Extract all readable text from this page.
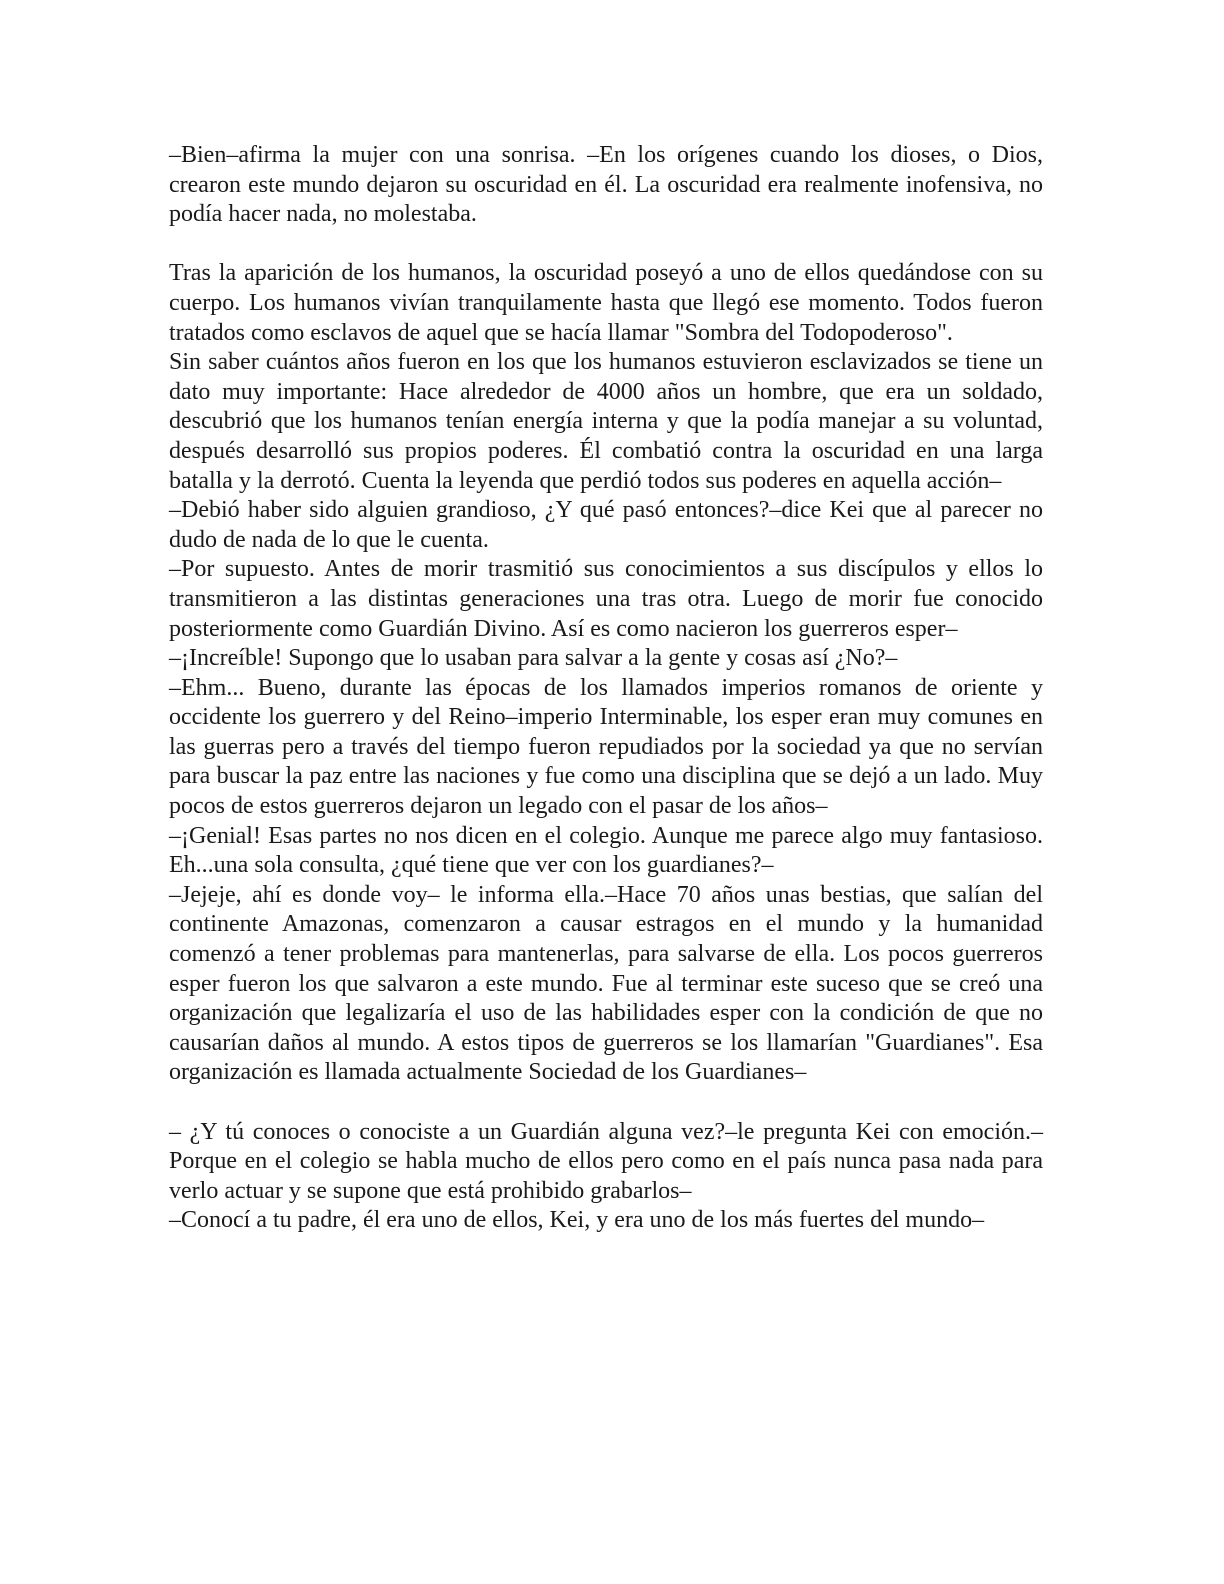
–Bien–afirma la mujer con una sonrisa. –En los orígenes cuando los dioses, o Dios, crearon este mundo dejaron su oscuridad en él. La oscuridad era realmente inofensiva, no podía hacer nada, no molestaba.

Tras la aparición de los humanos, la oscuridad poseyó a uno de ellos quedándose con su cuerpo. Los humanos vivían tranquilamente hasta que llegó ese momento. Todos fueron tratados como esclavos de aquel que se hacía llamar "Sombra del Todopoderoso".

Sin saber cuántos años fueron en los que los humanos estuvieron esclavizados se tiene un dato muy importante: Hace alrededor de 4000 años un hombre, que era un soldado, descubrió que los humanos tenían energía interna y que la podía manejar a su voluntad, después desarrolló sus propios poderes. Él combatió contra la oscuridad en una larga batalla y la derrotó. Cuenta la leyenda que perdió todos sus poderes en aquella acción–

–Debió haber sido alguien grandioso, ¿Y qué pasó entonces?–dice Kei que al parecer no dudo de nada de lo que le cuenta.

–Por supuesto. Antes de morir trasmitió sus conocimientos a sus discípulos y ellos lo transmitieron a las distintas generaciones una tras otra. Luego de morir fue conocido posteriormente como Guardián Divino. Así es como nacieron los guerreros esper–

–¡Increíble! Supongo que lo usaban para salvar a la gente y cosas así ¿No?–

–Ehm... Bueno, durante las épocas de los llamados imperios romanos de oriente y occidente los guerrero y del Reino–imperio Interminable, los esper eran muy comunes en las guerras pero a través del tiempo fueron repudiados por la sociedad ya que no servían para buscar la paz entre las naciones y fue como una disciplina que se dejó a un lado. Muy pocos de estos guerreros dejaron un legado con el pasar de los años–

–¡Genial! Esas partes no nos dicen en el colegio. Aunque me parece algo muy fantasioso. Eh...una sola consulta, ¿qué tiene que ver con los guardianes?–

–Jejeje, ahí es donde voy– le informa ella.–Hace 70 años unas bestias, que salían del continente Amazonas, comenzaron a causar estragos en el mundo y la humanidad comenzó a tener problemas para mantenerlas, para salvarse de ella. Los pocos guerreros esper fueron los que salvaron a este mundo. Fue al terminar este suceso que se creó una organización que legalizaría el uso de las habilidades esper con la condición de que no causarían daños al mundo. A estos tipos de guerreros se los llamarían "Guardianes". Esa organización es llamada actualmente Sociedad de los Guardianes–

– ¿Y tú conoces o conociste a un Guardián alguna vez?–le pregunta Kei con emoción.–Porque en el colegio se habla mucho de ellos pero como en el país nunca pasa nada para verlo actuar y se supone que está prohibido grabarlos–

–Conocí a tu padre, él era uno de ellos, Kei, y era uno de los más fuertes del mundo–
